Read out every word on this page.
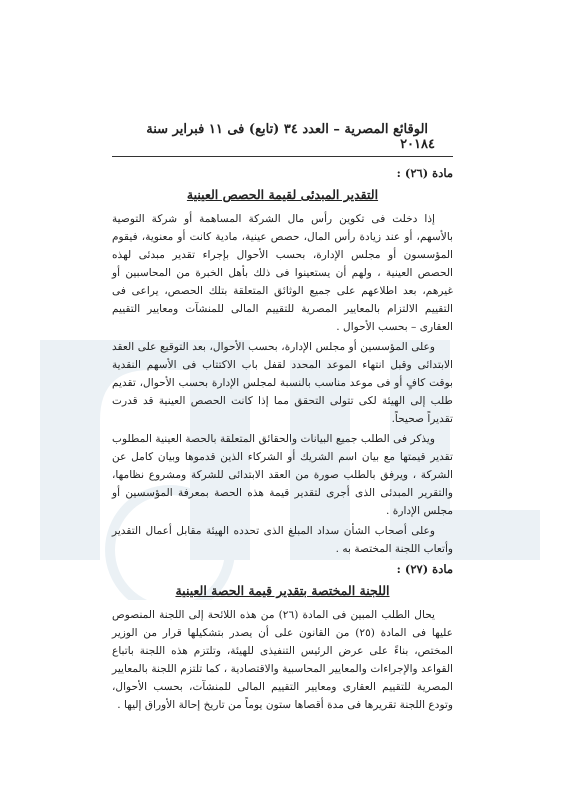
٤
الوقائع المصرية – العدد ٣٤ (تابع) فى ١١ فبراير سنة ٢٠١٨
مادة (٢٦) :
التقدير المبدئى لقيمة الحصص العينية

إذا دخلت فى تكوين رأس مال الشركة المساهمة أو شركة التوصية بالأسهم، أو عند زيادة رأس المال، حصص عينية، مادية كانت أو معنوية، فيقوم المؤسسون أو مجلس الإدارة، بحسب الأحوال بإجراء تقدير مبدئى لهذه الحصص العينية ، ولهم أن يستعينوا فى ذلك بأهل الخبرة من المحاسبين أو غيرهم، بعد اطلاعهم على جميع الوثائق المتعلقة بتلك الحصص، يراعى فى التقييم الالتزام بالمعايير المصرية للتقييم المالى للمنشآت ومعايير التقييم العقارى – بحسب الأحوال .

وعلى المؤسسين أو مجلس الإدارة، بحسب الأحوال، بعد التوقيع على العقد الابتدائى وقبل انتهاء الموعد المحدد لقفل باب الاكتتاب فى الأسهم النقدية بوقت كافٍ أو فى موعد مناسب بالنسبة لمجلس الإدارة بحسب الأحوال، تقديم طلب إلى الهيئة لكى تتولى التحقق مما إذا كانت الحصص العينية قد قدرت تقديراً صحيحاً.

ويذكر فى الطلب جميع البيانات والحقائق المتعلقة بالحصة العينية المطلوب تقدير قيمتها مع بيان اسم الشريك أو الشركاء الذين قدموها وبيان كامل عن الشركة ، ويرفق بالطلب صورة من العقد الابتدائى للشركة ومشروع نظامها، والتقرير المبدئى الذى أجرى لتقدير قيمة هذه الحصة بمعرفة المؤسسين أو مجلس الإدارة .

وعلى أصحاب الشأن سداد المبلغ الذى تحدده الهيئة مقابل أعمال التقدير وأتعاب اللجنة المختصة به .

مادة (٢٧) :
اللجنة المختصة بتقدير قيمة الحصة العينية

يحال الطلب المبين فى المادة (٢٦) من هذه اللائحة إلى اللجنة المنصوص عليها فى المادة (٢٥) من القانون على أن يصدر بتشكيلها قرار من الوزير المختص، بناءً على عرض الرئيس التنفيذى للهيئة، وتلتزم هذه اللجنة باتباع القواعد والإجراءات والمعايير المحاسبية والاقتصادية ، كما تلتزم اللجنة بالمعايير المصرية للتقييم العقارى ومعايير التقييم المالى للمنشآت، بحسب الأحوال، وتودع اللجنة تقريرها فى مدة أقصاها ستون يوماً من تاريخ إحالة الأوراق إليها .
